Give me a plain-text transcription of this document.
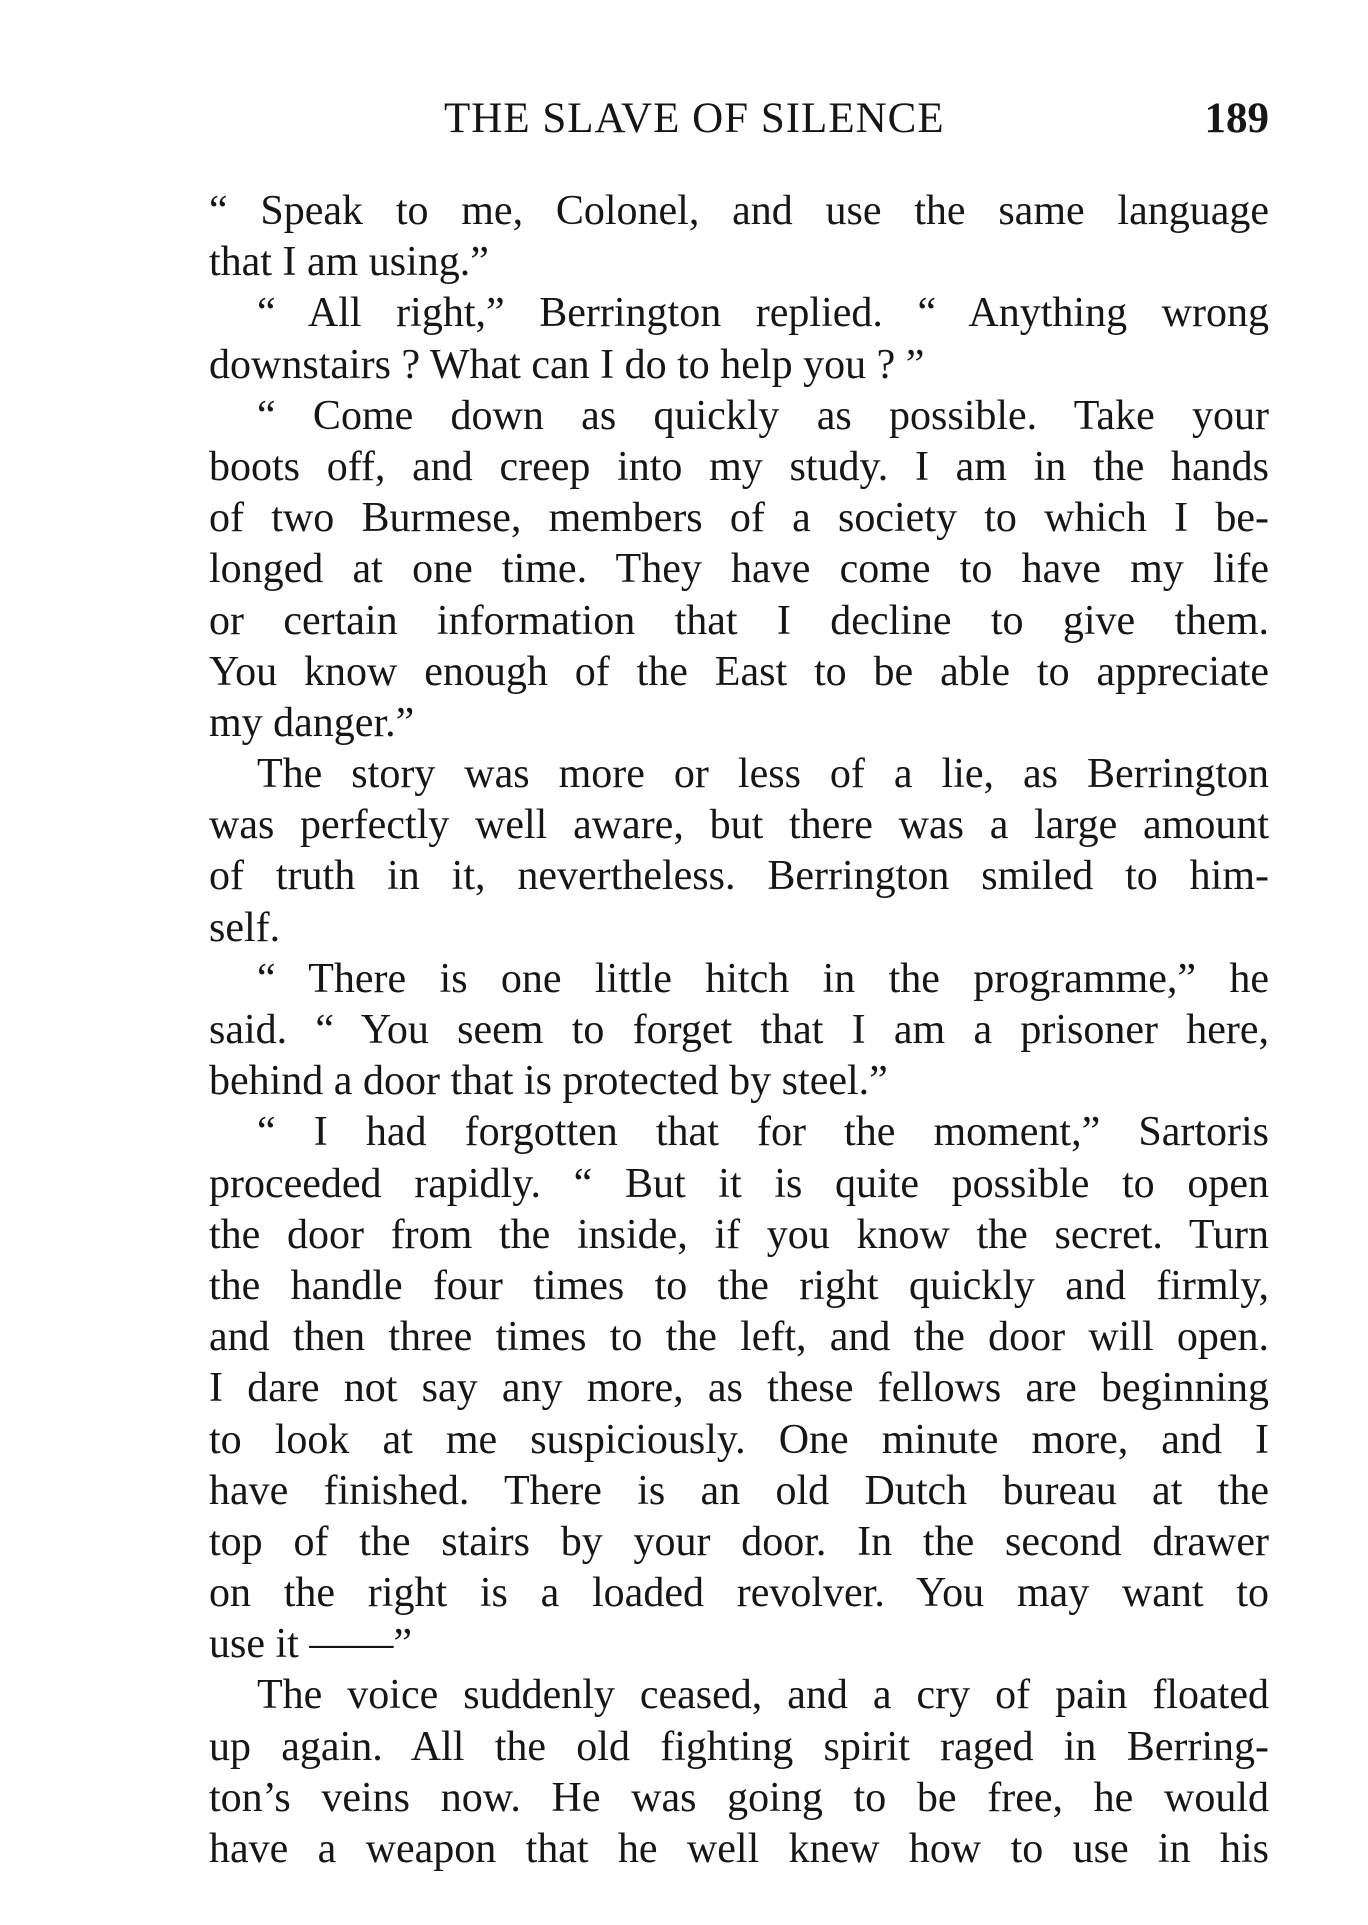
THE SLAVE OF SILENCE	189
“ Speak to me, Colonel, and use the same language
that I am using.”
“ All right,” Berrington replied. “ Anything wrong
downstairs ? What can I do to help you ? ”
“ Come down as quickly as possible. Take your
boots off, and creep into my study. I am in the hands
of two Burmese, members of a society to which I be-
longed at one time. They have come to have my life
or certain information that I decline to give them.
You know enough of the East to be able to appreciate
my danger.”
The story was more or less of a lie, as Berrington
was perfectly well aware, but there was a large amount
of truth in it, nevertheless. Berrington smiled to him-
self.
“ There is one little hitch in the programme,” he
said. “ You seem to forget that I am a prisoner here,
behind a door that is protected by steel.”
“ I had forgotten that for the moment,” Sartoris
proceeded rapidly. “ But it is quite possible to open
the door from the inside, if you know the secret. Turn
the handle four times to the right quickly and firmly,
and then three times to the left, and the door will open.
I dare not say any more, as these fellows are beginning
to look at me suspiciously. One minute more, and I
have finished. There is an old Dutch bureau at the
top of the stairs by your door. In the second drawer
on the right is a loaded revolver. You may want to
use it ——”
The voice suddenly ceased, and a cry of pain floated
up again. All the old fighting spirit raged in Berring-
ton’s veins now. He was going to be free, he would
have a weapon that he well knew how to use in his
